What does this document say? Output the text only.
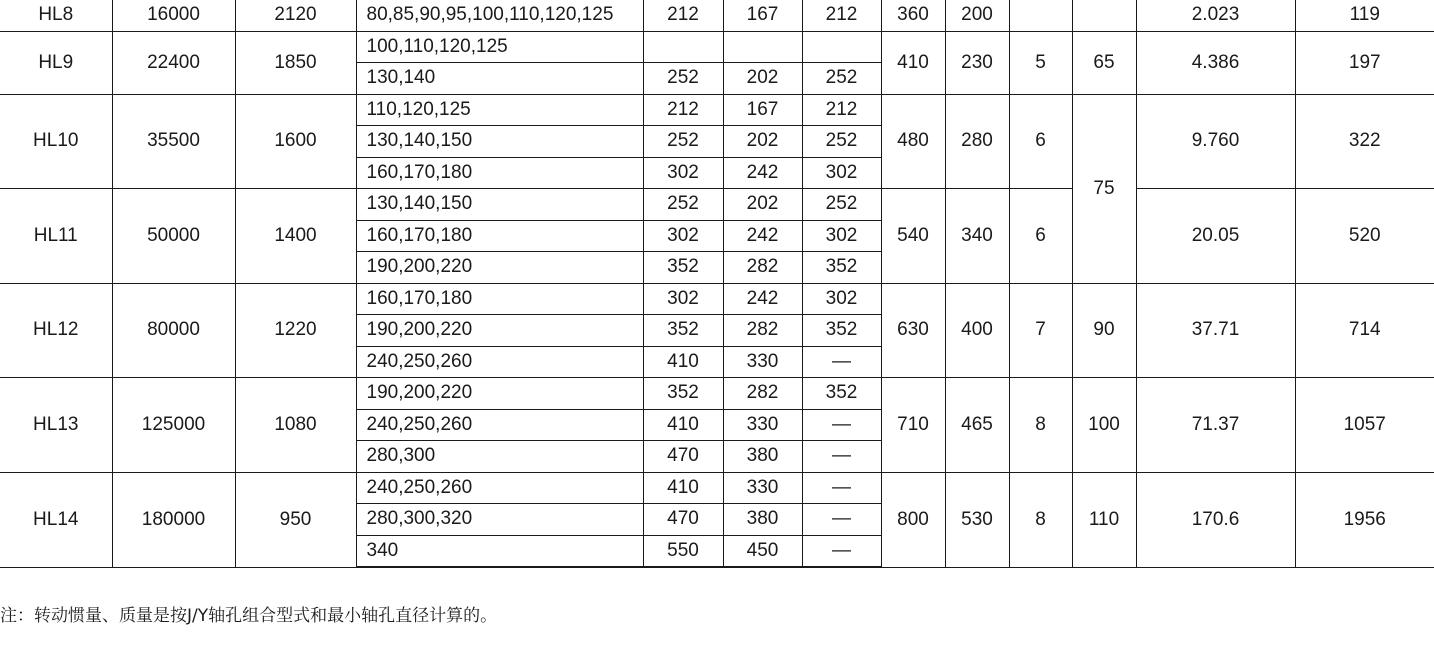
HL8	16000	2120	80,85,90,95,100,110,120,125	212	167	212	360	200			2.023	119
HL9	22400	1850	100,110,120,125				410	230	5	65	4.386	197
			130,140	252	202	252						
HL10	35500	1600	110,120,125	212	167	212	480	280	6	75	9.760	322
			130,140,150	252	202	252						
			160,170,180	302	242	302						
HL11	50000	1400	130,140,150	252	202	252	540	340	6		20.05	520
			160,170,180	302	242	302						
			190,200,220	352	282	352						
HL12	80000	1220	160,170,180	302	242	302	630	400	7	90	37.71	714
			190,200,220	352	282	352						
			240,250,260	410	330	—						
HL13	125000	1080	190,200,220	352	282	352	710	465	8	100	71.37	1057
			240,250,260	410	330	—						
			280,300	470	380	—						
HL14	180000	950	240,250,260	410	330	—	800	530	8	110	170.6	1956
			280,300,320	470	380	—						
			340	550	450	—						
注：转动惯量、质量是按J/Y轴孔组合型式和最小轴孔直径计算的。
